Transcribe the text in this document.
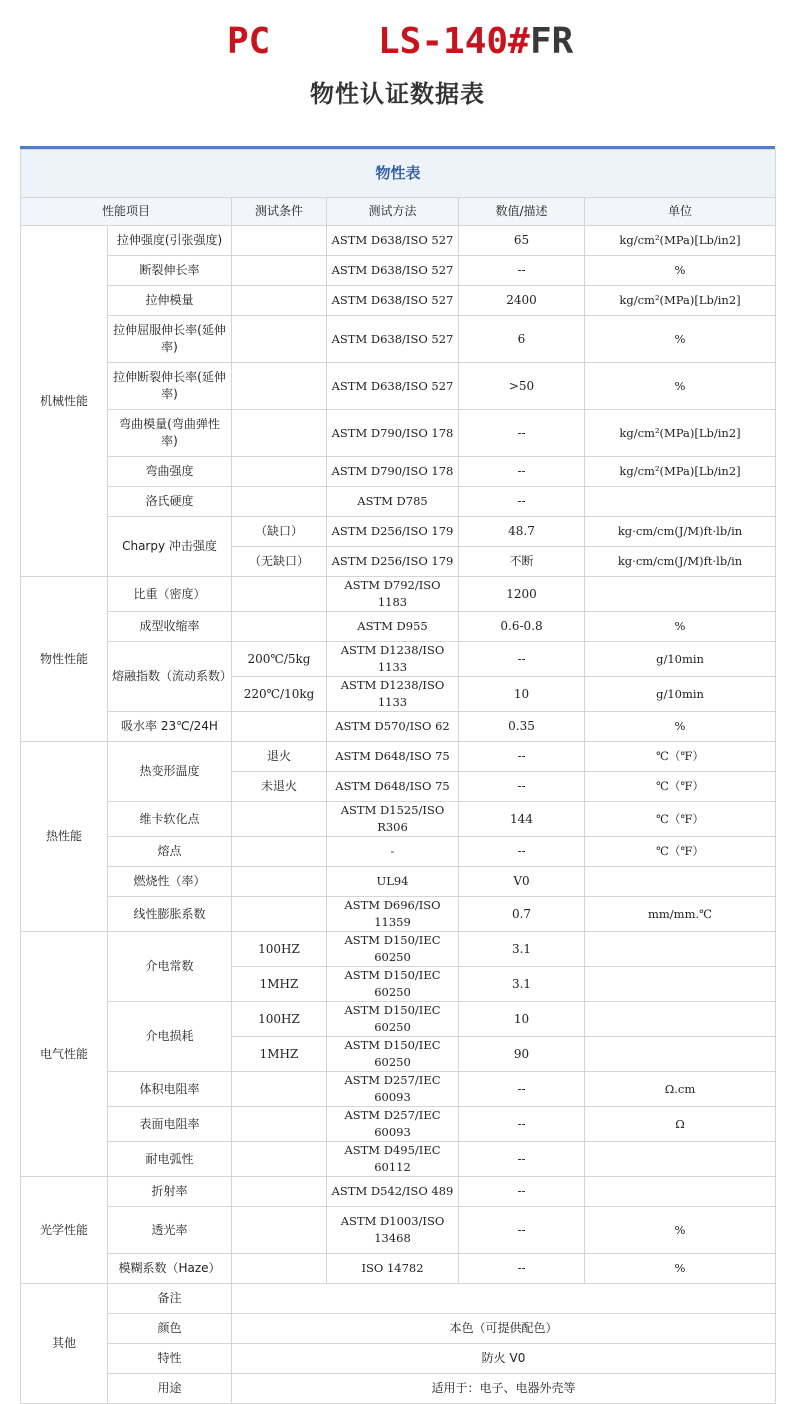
PC	LS-140# FR
物性认证数据表
物性表					
性能项目		测试条件	测试方法	数值/描述	单位
机械性能	拉伸强度(引张强度)		ASTM D638/ISO 527	65	kg/cm²(MPa)[Lb/in2]
	断裂伸长率		ASTM D638/ISO 527	--	%
	拉伸模量		ASTM D638/ISO 527	2400	kg/cm²(MPa)[Lb/in2]
	拉伸屈服伸长率(延伸率)		ASTM D638/ISO 527	6	%
	拉伸断裂伸长率(延伸率)		ASTM D638/ISO 527	>50	%
	弯曲模量(弯曲弹性率)		ASTM D790/ISO 178	--	kg/cm²(MPa)[Lb/in2]
	弯曲强度		ASTM D790/ISO 178	--	kg/cm²(MPa)[Lb/in2]
	洛氏硬度		ASTM D785	--	
	Charpy 冲击强度	（缺口）	ASTM D256/ISO 179	48.7	kg·cm/cm(J/M)ft·lb/in
		（无缺口）	ASTM D256/ISO 179	不断	kg·cm/cm(J/M)ft·lb/in
物性性能	比重（密度）		ASTM D792/ISO 1183	1200	
	成型收缩率		ASTM D955	0.6-0.8	%
	熔融指数（流动系数）	200℃/5kg	ASTM D1238/ISO 1133	--	g/10min
		220℃/10kg	ASTM D1238/ISO 1133	10	g/10min
	吸水率 23℃/24H		ASTM D570/ISO 62	0.35	%
热性能	热变形温度	退火	ASTM D648/ISO 75	--	℃（℉）
		未退火	ASTM D648/ISO 75	--	℃（℉）
	维卡软化点		ASTM D1525/ISO R306	144	℃（℉）
	熔点		-	--	℃（℉）
	燃烧性（率）		UL94	V0	
	线性膨胀系数		ASTM D696/ISO 11359	0.7	mm/mm.℃
电气性能	介电常数	100HZ	ASTM D150/IEC 60250	3.1	
		1MHZ	ASTM D150/IEC 60250	3.1	
	介电损耗	100HZ	ASTM D150/IEC 60250	10	
		1MHZ	ASTM D150/IEC 60250	90	
	体积电阻率		ASTM D257/IEC 60093	--	Ω.cm
	表面电阻率		ASTM D257/IEC 60093	--	Ω
	耐电弧性		ASTM D495/IEC 60112	--	
光学性能	折射率		ASTM D542/ISO 489	--	
	透光率		ASTM D1003/ISO 13468	--	%
	模糊系数（Haze）		ISO 14782	--	%
其他	备注				
	颜色	本色（可提供配色）			
	特性	防火 V0			
	用途	适用于：电子、电器外壳等			
